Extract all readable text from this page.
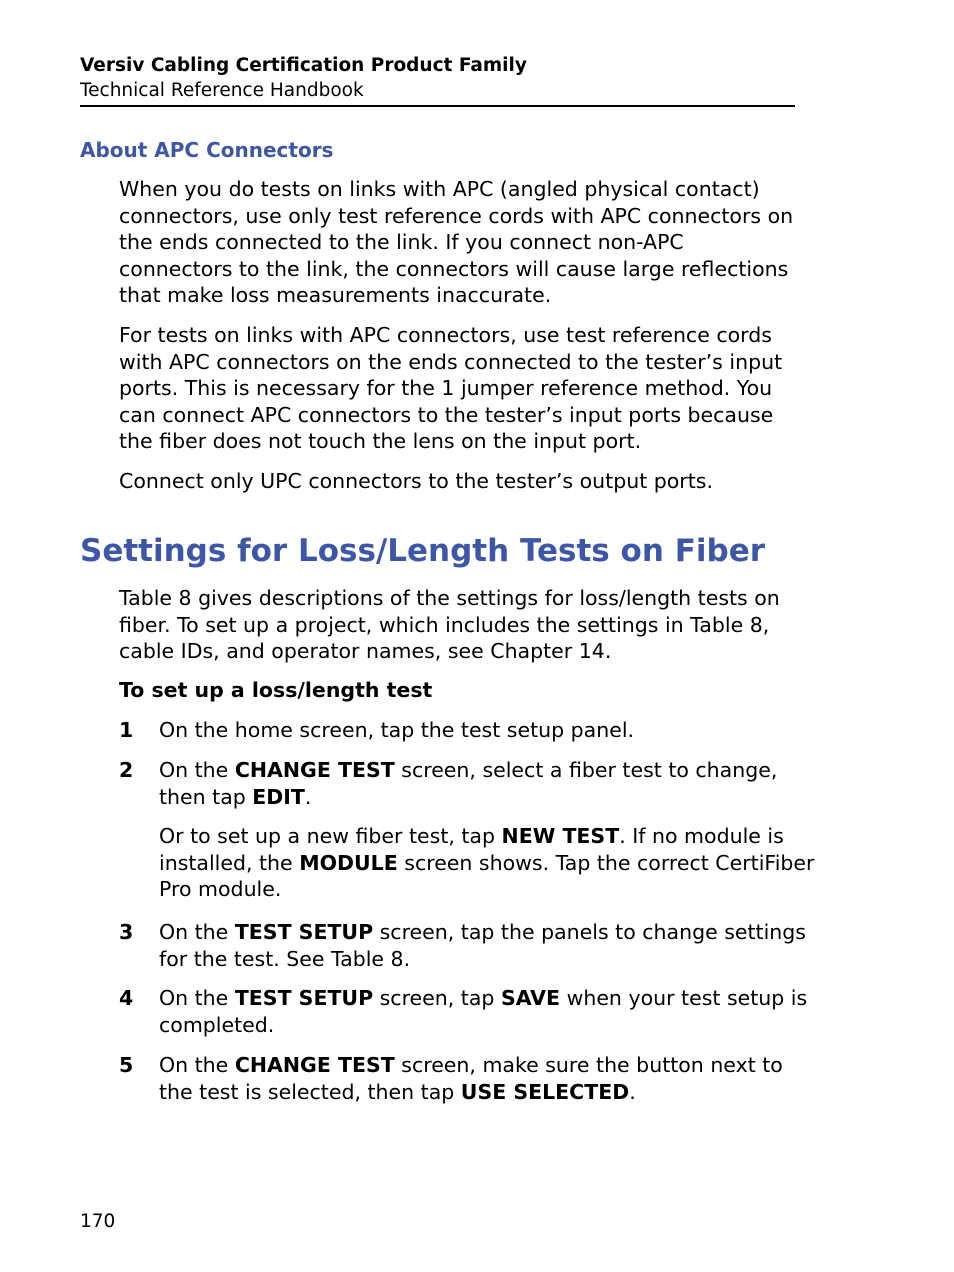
Versiv Cabling Certification Product Family
Technical Reference Handbook
About APC Connectors
When you do tests on links with APC (angled physical contact)
connectors, use only test reference cords with APC connectors on
the ends connected to the link. If you connect non-APC
connectors to the link, the connectors will cause large reflections
that make loss measurements inaccurate.
For tests on links with APC connectors, use test reference cords
with APC connectors on the ends connected to the tester’s input
ports. This is necessary for the 1 jumper reference method. You
can connect APC connectors to the tester’s input ports because
the fiber does not touch the lens on the input port.
Connect only UPC connectors to the tester’s output ports.
Settings for Loss/Length Tests on Fiber
Table 8 gives descriptions of the settings for loss/length tests on
fiber. To set up a project, which includes the settings in Table 8,
cable IDs, and operator names, see Chapter 14.
To set up a loss/length test
1 On the home screen, tap the test setup panel.
2 On the CHANGE TEST screen, select a fiber test to change,
then tap EDIT.
Or to set up a new fiber test, tap NEW TEST. If no module is
installed, the MODULE screen shows. Tap the correct CertiFiber
Pro module.
3 On the TEST SETUP screen, tap the panels to change settings
for the test. See Table 8.
4 On the TEST SETUP screen, tap SAVE when your test setup is
completed.
5 On the CHANGE TEST screen, make sure the button next to
the test is selected, then tap USE SELECTED.
170
